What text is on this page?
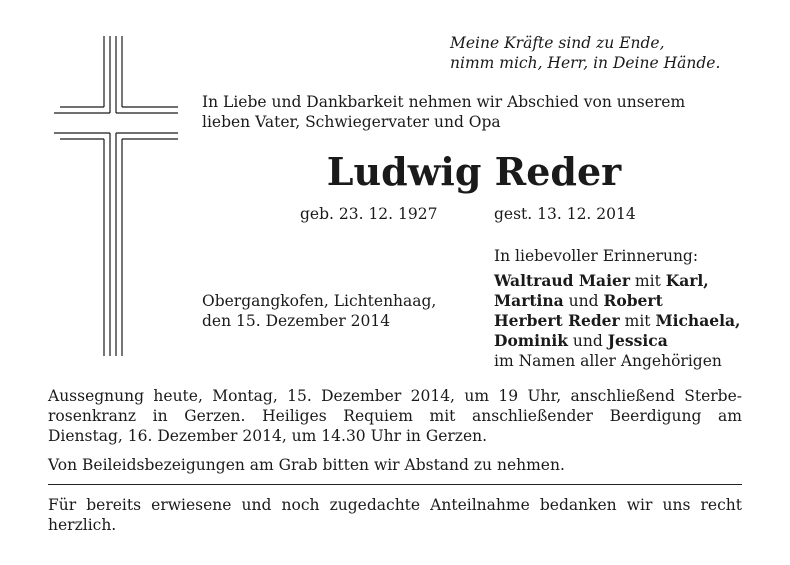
Meine Kräfte sind zu Ende,
nimm mich, Herr, in Deine Hände.
In Liebe und Dankbarkeit nehmen wir Abschied von unserem
lieben Vater, Schwiegervater und Opa
Ludwig Reder
geb. 23. 12. 1927	gest. 13. 12. 2014
Obergangkofen, Lichtenhaag,
den 15. Dezember 2014
In liebevoller Erinnerung:
Waltraud Maier mit Karl,
Martina und Robert
Herbert Reder mit Michaela,
Dominik und Jessica
im Namen aller Angehörigen
Aussegnung heute, Montag, 15. Dezember 2014, um 19 Uhr, anschließend Sterbe-
rosenkranz in Gerzen. Heiliges Requiem mit anschließender Beerdigung am
Dienstag, 16. Dezember 2014, um 14.30 Uhr in Gerzen.
Von Beileidsbezeigungen am Grab bitten wir Abstand zu nehmen.
Für bereits erwiesene und noch zugedachte Anteilnahme bedanken wir uns recht
herzlich.
